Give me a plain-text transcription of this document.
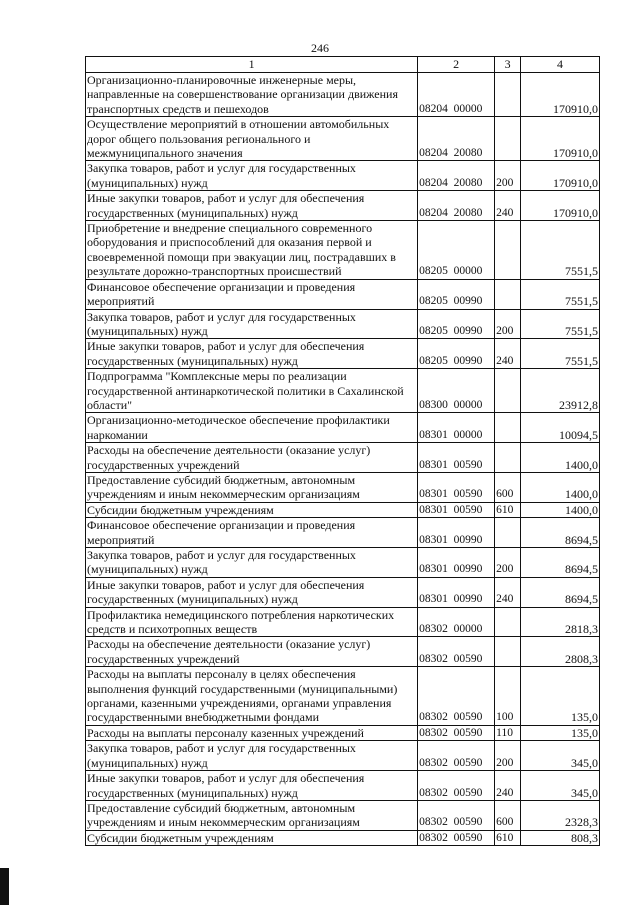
246
1	2	3	4
Организационно-планировочные инженерные меры, направленные на совершенствование организации движения транспортных средств и пешеходов	08204  00000		170910,0
Осуществление мероприятий в отношении автомобильных дорог общего пользования регионального и межмуниципального значения	08204  20080		170910,0
Закупка товаров, работ и услуг для государственных (муниципальных) нужд	08204  20080	200	170910,0
Иные закупки товаров, работ и услуг для обеспечения государственных (муниципальных) нужд	08204  20080	240	170910,0
Приобретение и внедрение специального современного оборудования и приспособлений для оказания первой и своевременной помощи при эвакуации лиц, пострадавших в результате дорожно-транспортных происшествий	08205  00000		7551,5
Финансовое обеспечение организации и проведения мероприятий	08205  00990		7551,5
Закупка товаров, работ и услуг для государственных (муниципальных) нужд	08205  00990	200	7551,5
Иные закупки товаров, работ и услуг для обеспечения государственных (муниципальных) нужд	08205  00990	240	7551,5
Подпрограмма "Комплексные меры по реализации государственной антинаркотической политики в Сахалинской области"	08300  00000		23912,8
Организационно-методическое обеспечение профилактики наркомании	08301  00000		10094,5
Расходы на обеспечение деятельности (оказание услуг) государственных учреждений	08301  00590		1400,0
Предоставление субсидий бюджетным, автономным учреждениям и иным некоммерческим организациям	08301  00590	600	1400,0
Субсидии бюджетным учреждениям	08301  00590	610	1400,0
Финансовое обеспечение организации и проведения мероприятий	08301  00990		8694,5
Закупка товаров, работ и услуг для государственных (муниципальных) нужд	08301  00990	200	8694,5
Иные закупки товаров, работ и услуг для обеспечения государственных (муниципальных) нужд	08301  00990	240	8694,5
Профилактика немедицинского потребления наркотических средств и психотропных веществ	08302  00000		2818,3
Расходы на обеспечение деятельности (оказание услуг) государственных учреждений	08302  00590		2808,3
Расходы на выплаты персоналу в целях обеспечения выполнения функций государственными (муниципальными) органами, казенными учреждениями, органами управления государственными внебюджетными фондами	08302  00590	100	135,0
Расходы на выплаты персоналу казенных учреждений	08302  00590	110	135,0
Закупка товаров, работ и услуг для государственных (муниципальных) нужд	08302  00590	200	345,0
Иные закупки товаров, работ и услуг для обеспечения государственных (муниципальных) нужд	08302  00590	240	345,0
Предоставление субсидий бюджетным, автономным учреждениям и иным некоммерческим организациям	08302  00590	600	2328,3
Субсидии бюджетным учреждениям	08302  00590	610	808,3
